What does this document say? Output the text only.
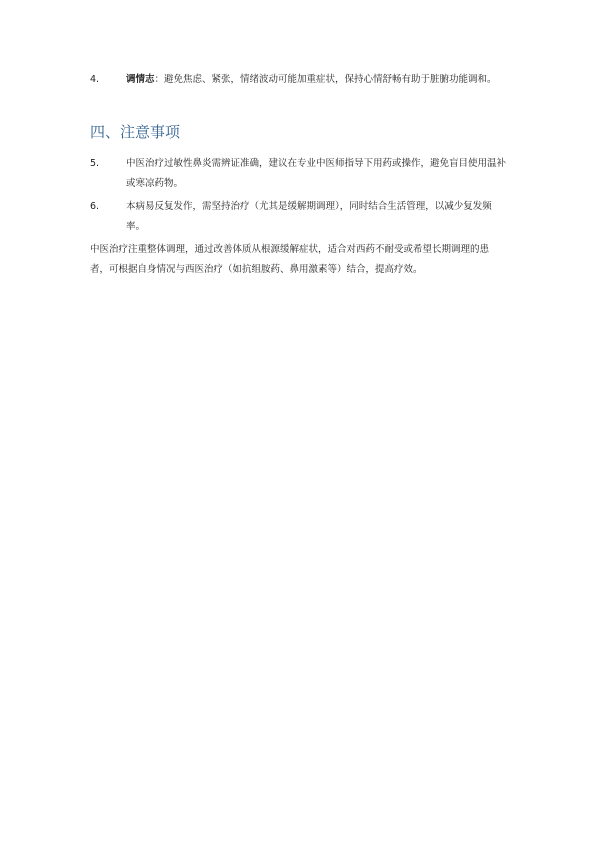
4.	调情志：避免焦虑、紧张，情绪波动可能加重症状，保持心情舒畅有助于脏腑功能调和。
四、注意事项
5.	中医治疗过敏性鼻炎需辨证准确，建议在专业中医师指导下用药或操作，避免盲目使用温补或寒凉药物。
6.	本病易反复发作，需坚持治疗（尤其是缓解期调理），同时结合生活管理，以减少复发频率。
中医治疗注重整体调理，通过改善体质从根源缓解症状，适合对西药不耐受或希望长期调理的患者，可根据自身情况与西医治疗（如抗组胺药、鼻用激素等）结合，提高疗效。
